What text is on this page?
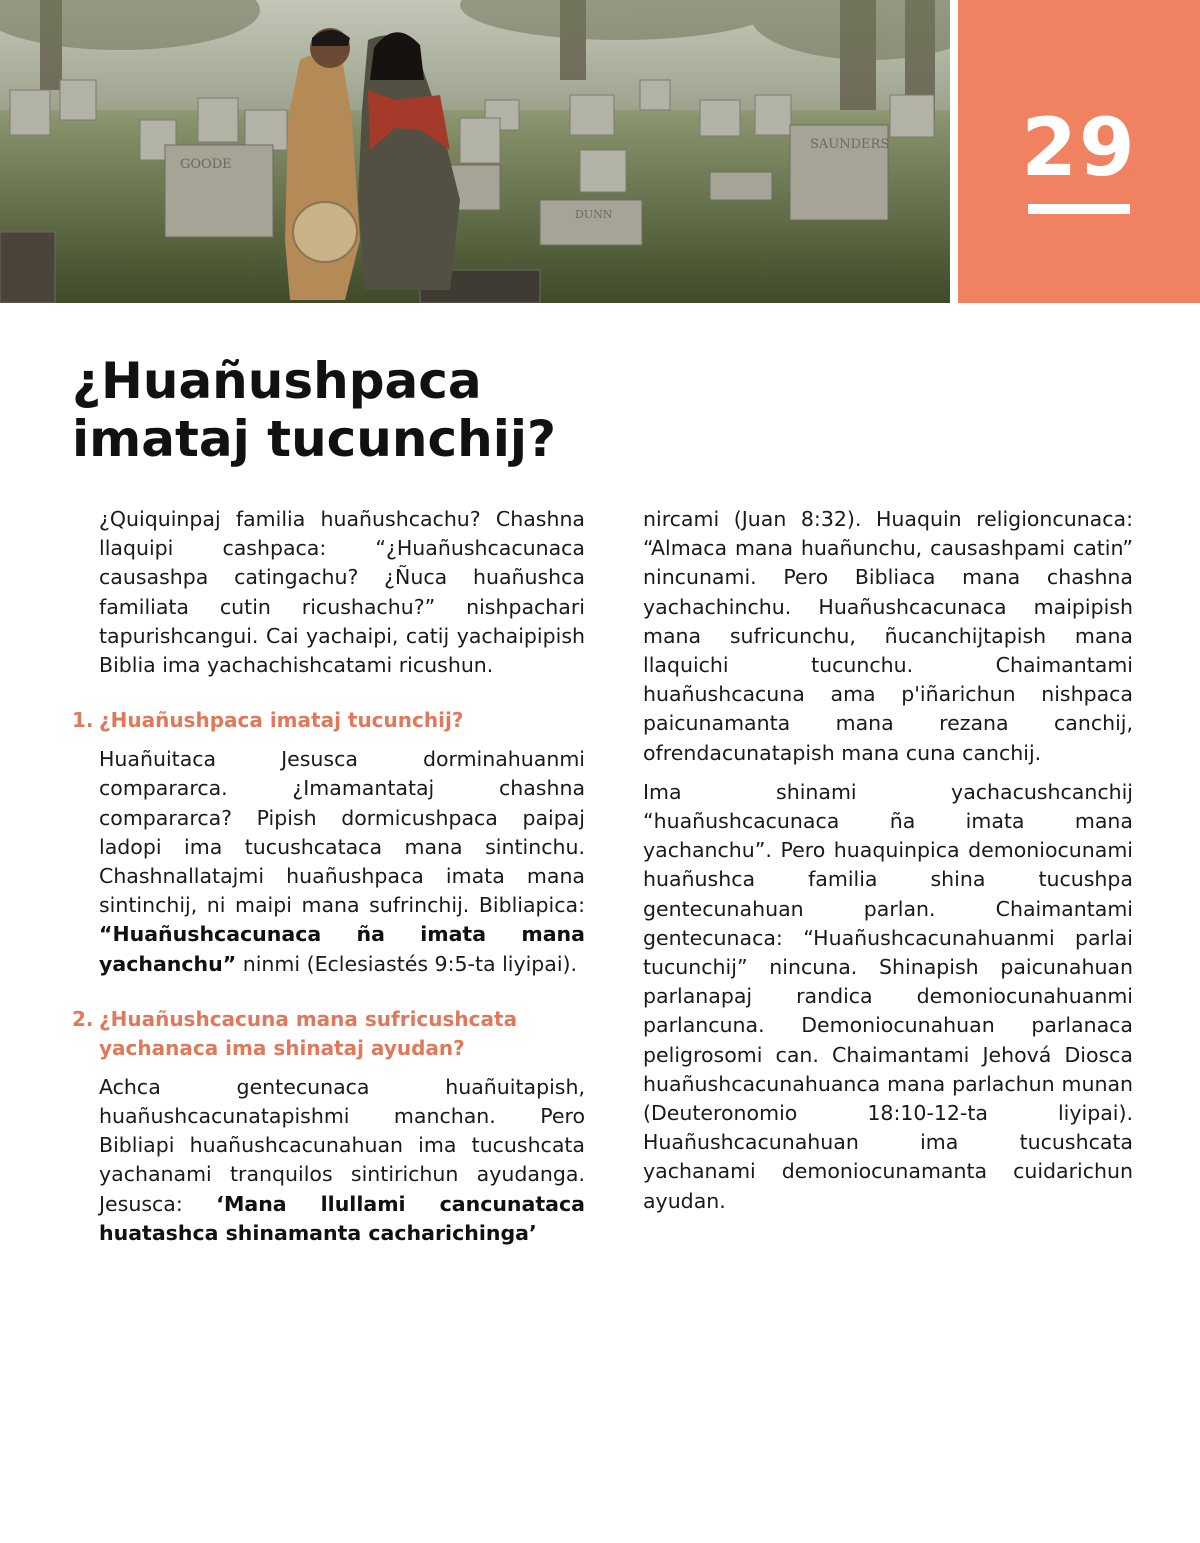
GOODE
SAUNDERS
DUNN
29
¿Huañushpaca imataj tucunchij?

¿Quiquinpaj familia huañushcachu? Chashna llaquipi cashpaca: “¿Huañushcacunaca causashpa catingachu? ¿Ñuca huañushca familiata cutin ricushachu?” nishpachari tapurishcangui. Cai yachaipi, catij yachaipipish Biblia ima yachachishcatami ricushun.

1. ¿Huañushpaca imataj tucunchij?

Huañuitaca Jesusca dorminahuanmi compararca. ¿Imamantataj chashna compararca? Pipish dormicushpaca paipaj ladopi ima tucushcataca mana sintinchu. Chashnallatajmi huañushpaca imata mana sintinchij, ni maipi mana sufrinchij. Bibliapica: “Huañushcacunaca ña imata mana yachanchu” ninmi (Eclesiastés 9:5-ta liyipai).

2. ¿Huañushcacuna mana sufricushcata yachanaca ima shinataj ayudan?

Achca gentecunaca huañuitapish, huañushcacunatapishmi manchan. Pero Bibliapi huañushcacunahuan ima tucushcata yachanami tranquilos sintirichun ayudanga. Jesusca: ‘Mana llullami cancunataca huatashca shinamanta cacharichinga’

nircami (Juan 8:32). Huaquin religioncunaca: “Almaca mana huañunchu, causashpami catin” nincunami. Pero Bibliaca mana chashna yachachinchu. Huañushcacunaca maipipish mana sufricunchu, ñucanchijtapish mana llaquichi tucunchu. Chaimantami huañushcacuna ama p'iñarichun nishpaca paicunamanta mana rezana canchij, ofrendacunatapish mana cuna canchij.

Ima shinami yachacushcanchij “huañushcacunaca ña imata mana yachanchu”. Pero huaquinpica demoniocunami huañushca familia shina tucushpa gentecunahuan parlan. Chaimantami gentecunaca: “Huañushcacunahuanmi parlai tucunchij” nincuna. Shinapish paicunahuan parlanapaj randica demoniocunahuanmi parlancuna. Demoniocunahuan parlanaca peligrosomi can. Chaimantami Jehová Diosca huañushcacunahuanca mana parlachun munan (Deuteronomio 18:10-12-ta liyipai). Huañushcacunahuan ima tucushcata yachanami demoniocunamanta cuidarichun ayudan.
